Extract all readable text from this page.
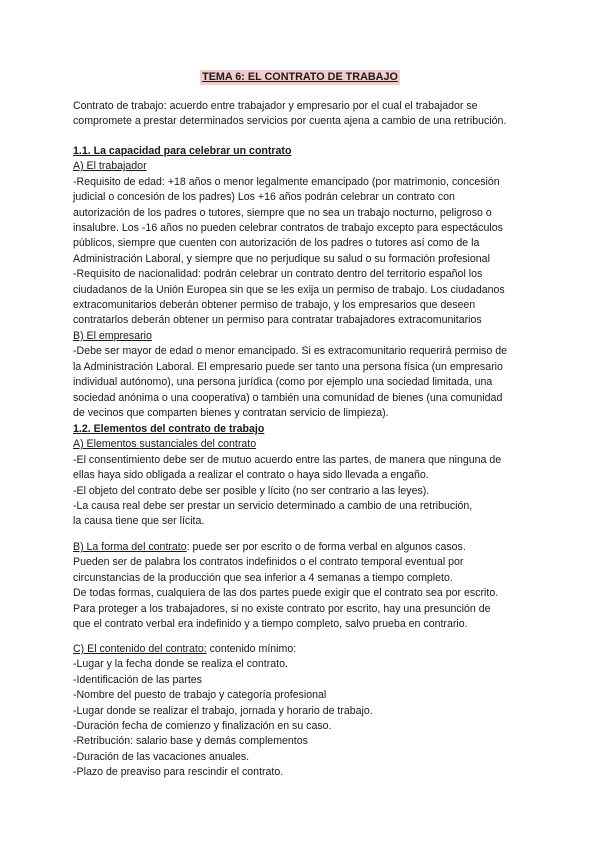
TEMA 6: EL CONTRATO DE TRABAJO

Contrato de trabajo: acuerdo entre trabajador y empresario por el cual el trabajador se

compromete a prestar determinados servicios por cuenta ajena a cambio de una retribución.

1.1. La capacidad para celebrar un contrato

A) El trabajador

-Requisito de edad: +18 años o menor legalmente emancipado (por matrimonio, concesión

judicial o concesión de los padres) Los +16 años podrán celebrar un contrato con

autorización de los padres o tutores, siempre que no sea un trabajo nocturno, peligroso o

insalubre. Los -16 años no pueden celebrar contratos de trabajo excepto para espectáculos

públicos, siempre que cuenten con autorización de los padres o tutores así como de la

Administración Laboral, y siempre que no perjudique su salud o su formación profesional

-Requisito de nacionalidad: podrán celebrar un contrato dentro del territorio español los

ciudadanos de la Unión Europea sin que se les exija un permiso de trabajo. Los ciudadanos

extracomunitarios deberán obtener permiso de trabajo, y los empresarios que deseen

contratarlos deberán obtener un permiso para contratar trabajadores extracomunitarios

B) El empresario

-Debe ser mayor de edad o menor emancipado. Si es extracomunitario requerirá permiso de

la Administración Laboral. El empresario puede ser tanto una persona física (un empresario

individual autónomo), una persona jurídica (como por ejemplo una sociedad limitada, una

sociedad anónima o una cooperativa) o también una comunidad de bienes (una comunidad

de vecinos que comparten bienes y contratan servicio de limpieza).

1.2. Elementos del contrato de trabajo

A) Elementos sustanciales del contrato

-El consentimiento debe ser de mutuo acuerdo entre las partes, de manera que ninguna de

ellas haya sido obligada a realizar el contrato o haya sido llevada a engaño.

-El objeto del contrato debe ser posible y lícito (no ser contrario a las leyes).

-La causa real debe ser prestar un servicio determinado a cambio de una retribución,

la causa tiene que ser lícita.

B) La forma del contrato: puede ser por escrito o de forma verbal en algunos casos.

Pueden ser de palabra los contratos indefinidos o el contrato temporal eventual por

circunstancias de la producción que sea inferior a 4 semanas a tiempo completo.

De todas formas, cualquiera de las dos partes puede exigir que el contrato sea por escrito.

Para proteger a los trabajadores, si no existe contrato por escrito, hay una presunción de

que el contrato verbal era indefinido y a tiempo completo, salvo prueba en contrario.

C) El contenido del contrato: contenido mínimo:

-Lugar y la fecha donde se realiza el contrato.

-Identificación de las partes

-Nombre del puesto de trabajo y categoría profesional

-Lugar donde se realizar el trabajo, jornada y horario de trabajo.

-Duración fecha de comienzo y finalización en su caso.

-Retribución: salario base y demás complementos

-Duración de las vacaciones anuales.

-Plazo de preaviso para rescindir el contrato.
